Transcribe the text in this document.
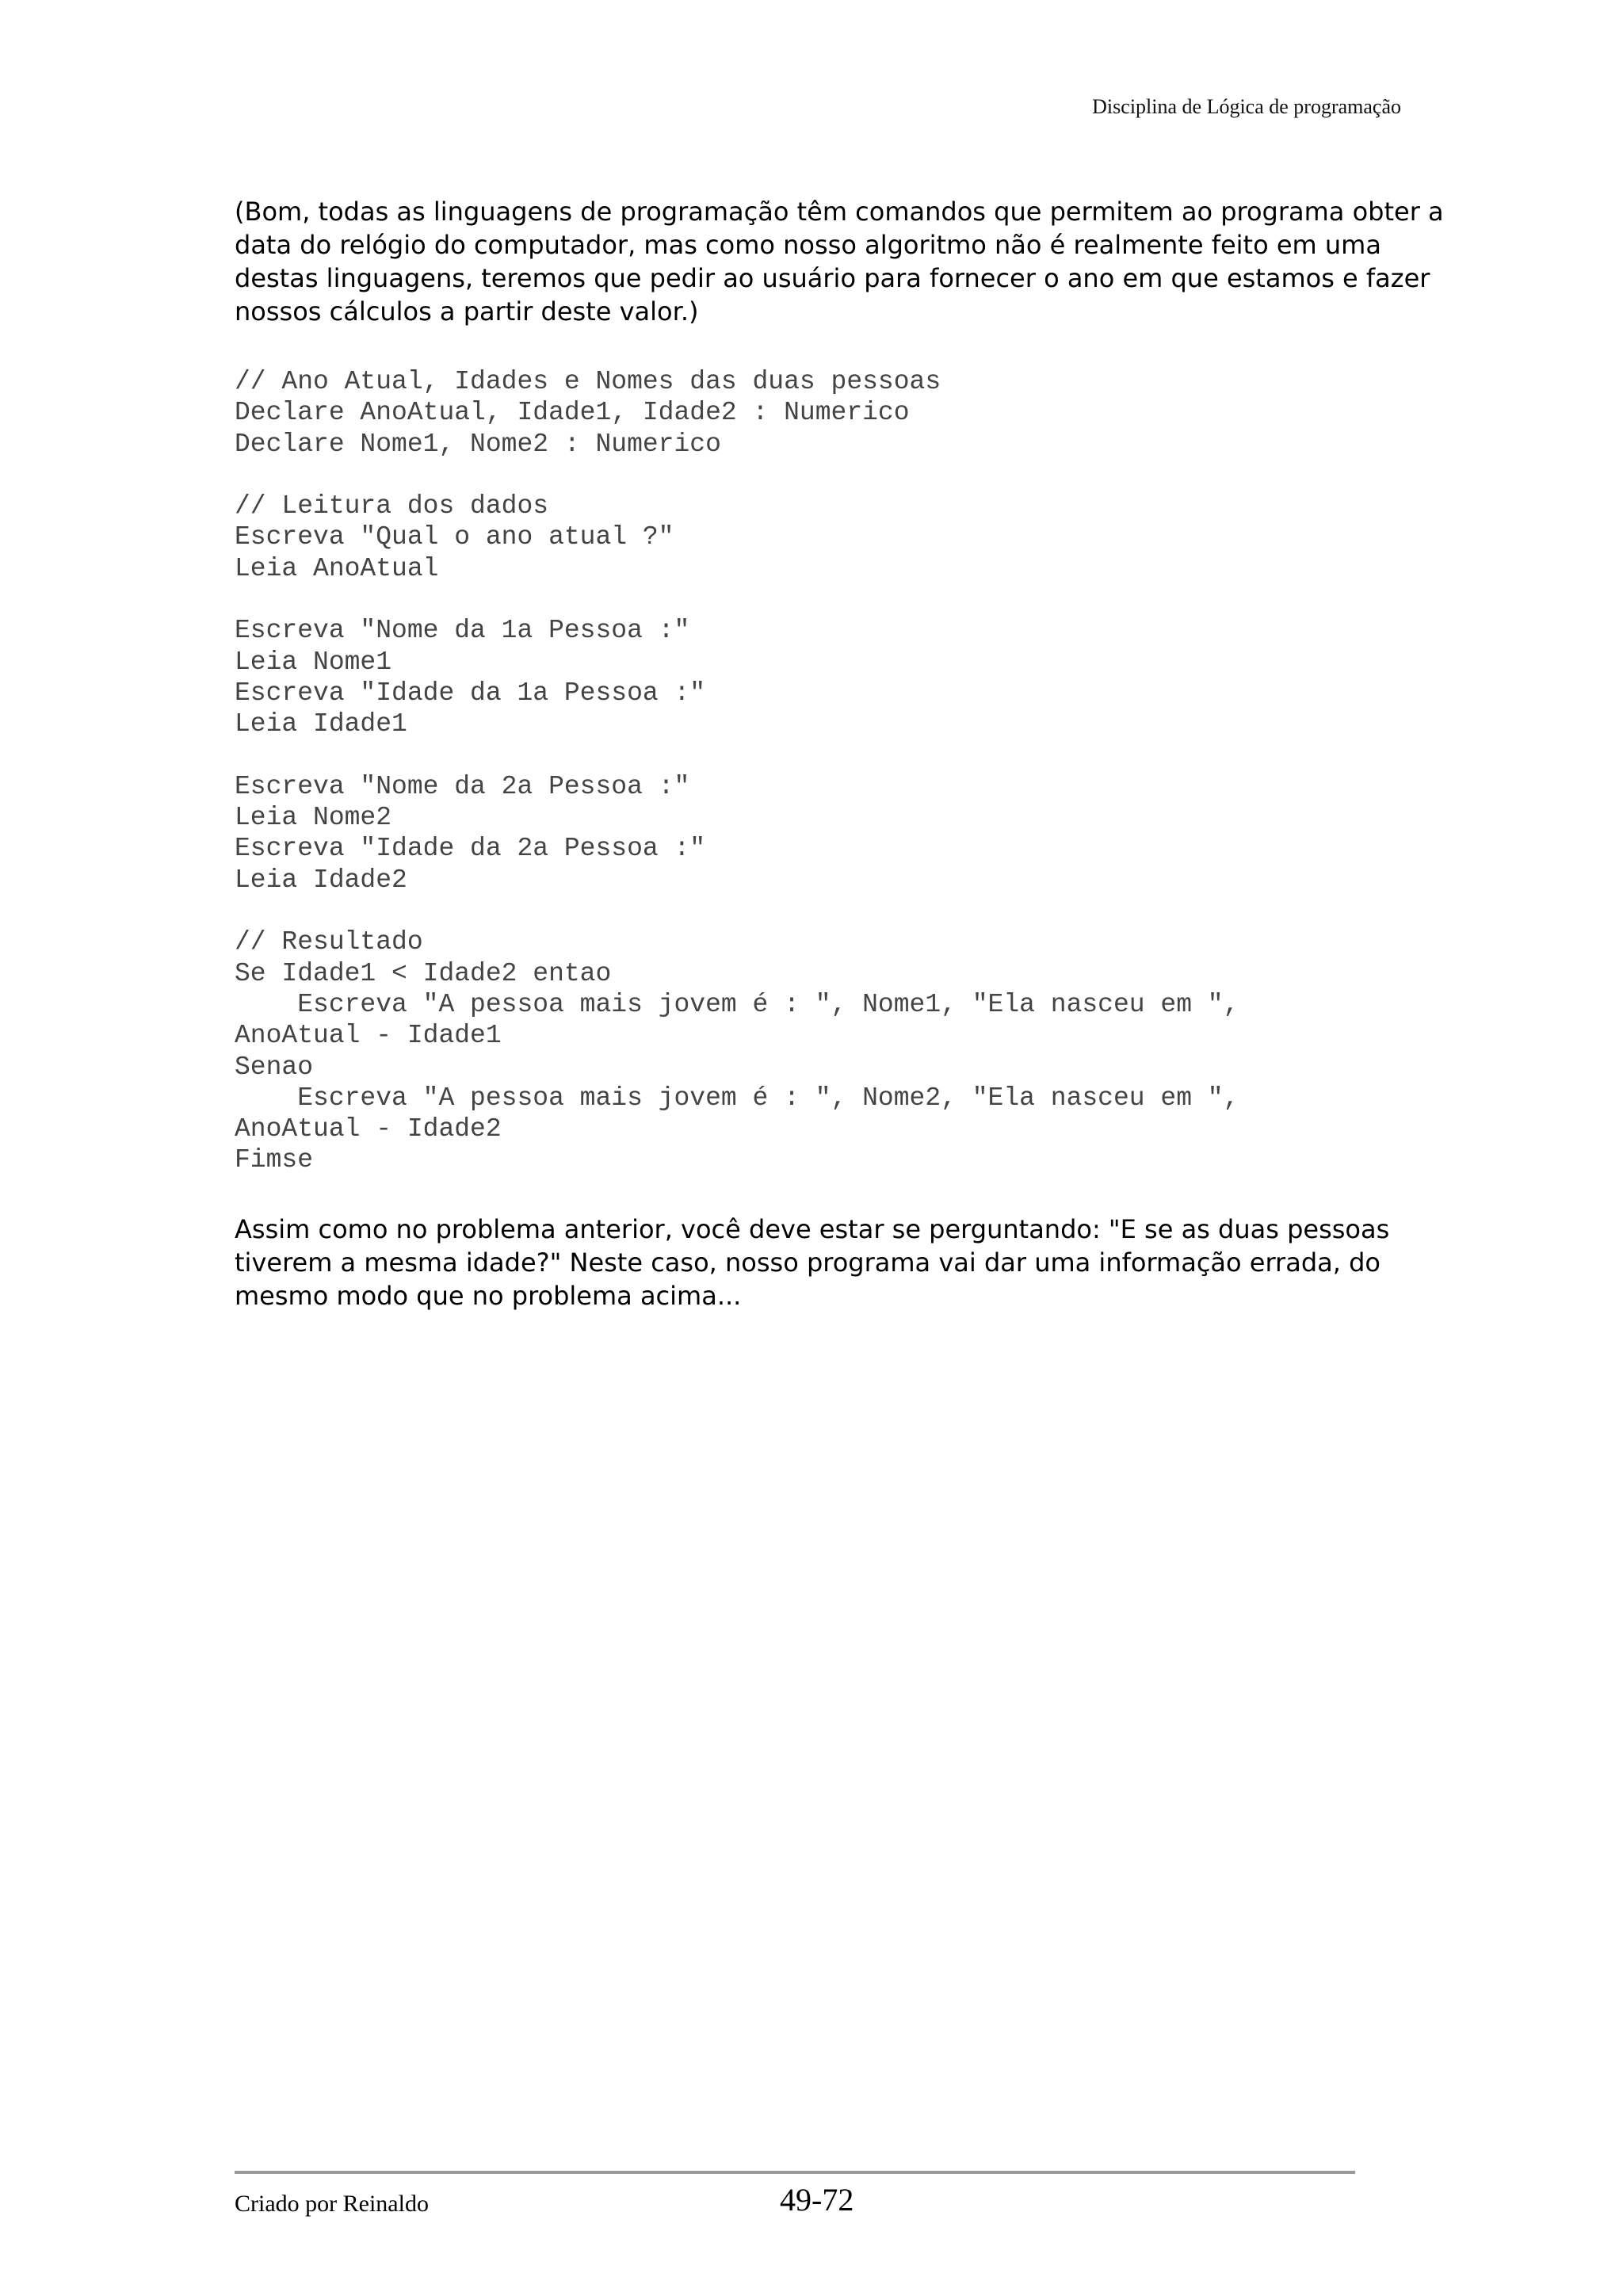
Disciplina de Lógica de programação
(Bom, todas as linguagens de programação têm comandos que permitem ao programa obter a
data do relógio do computador, mas como nosso algoritmo não é realmente feito em uma
destas linguagens, teremos que pedir ao usuário para fornecer o ano em que estamos e fazer
nossos cálculos a partir deste valor.)
// Ano Atual, Idades e Nomes das duas pessoas
Declare AnoAtual, Idade1, Idade2 : Numerico
Declare Nome1, Nome2 : Numerico
// Leitura dos dados
Escreva "Qual o ano atual ?"
Leia AnoAtual
Escreva "Nome da 1a Pessoa :"
Leia Nome1
Escreva "Idade da 1a Pessoa :"
Leia Idade1
Escreva "Nome da 2a Pessoa :"
Leia Nome2
Escreva "Idade da 2a Pessoa :"
Leia Idade2
// Resultado
Se Idade1 < Idade2 entao
Escreva "A pessoa mais jovem é : ", Nome1, "Ela nasceu em ",
AnoAtual - Idade1
Senao
Escreva "A pessoa mais jovem é : ", Nome2, "Ela nasceu em ",
AnoAtual - Idade2
Fimse
Assim como no problema anterior, você deve estar se perguntando: "E se as duas pessoas
tiverem a mesma idade?" Neste caso, nosso programa vai dar uma informação errada, do
mesmo modo que no problema acima...
Criado por Reinaldo	49-72
